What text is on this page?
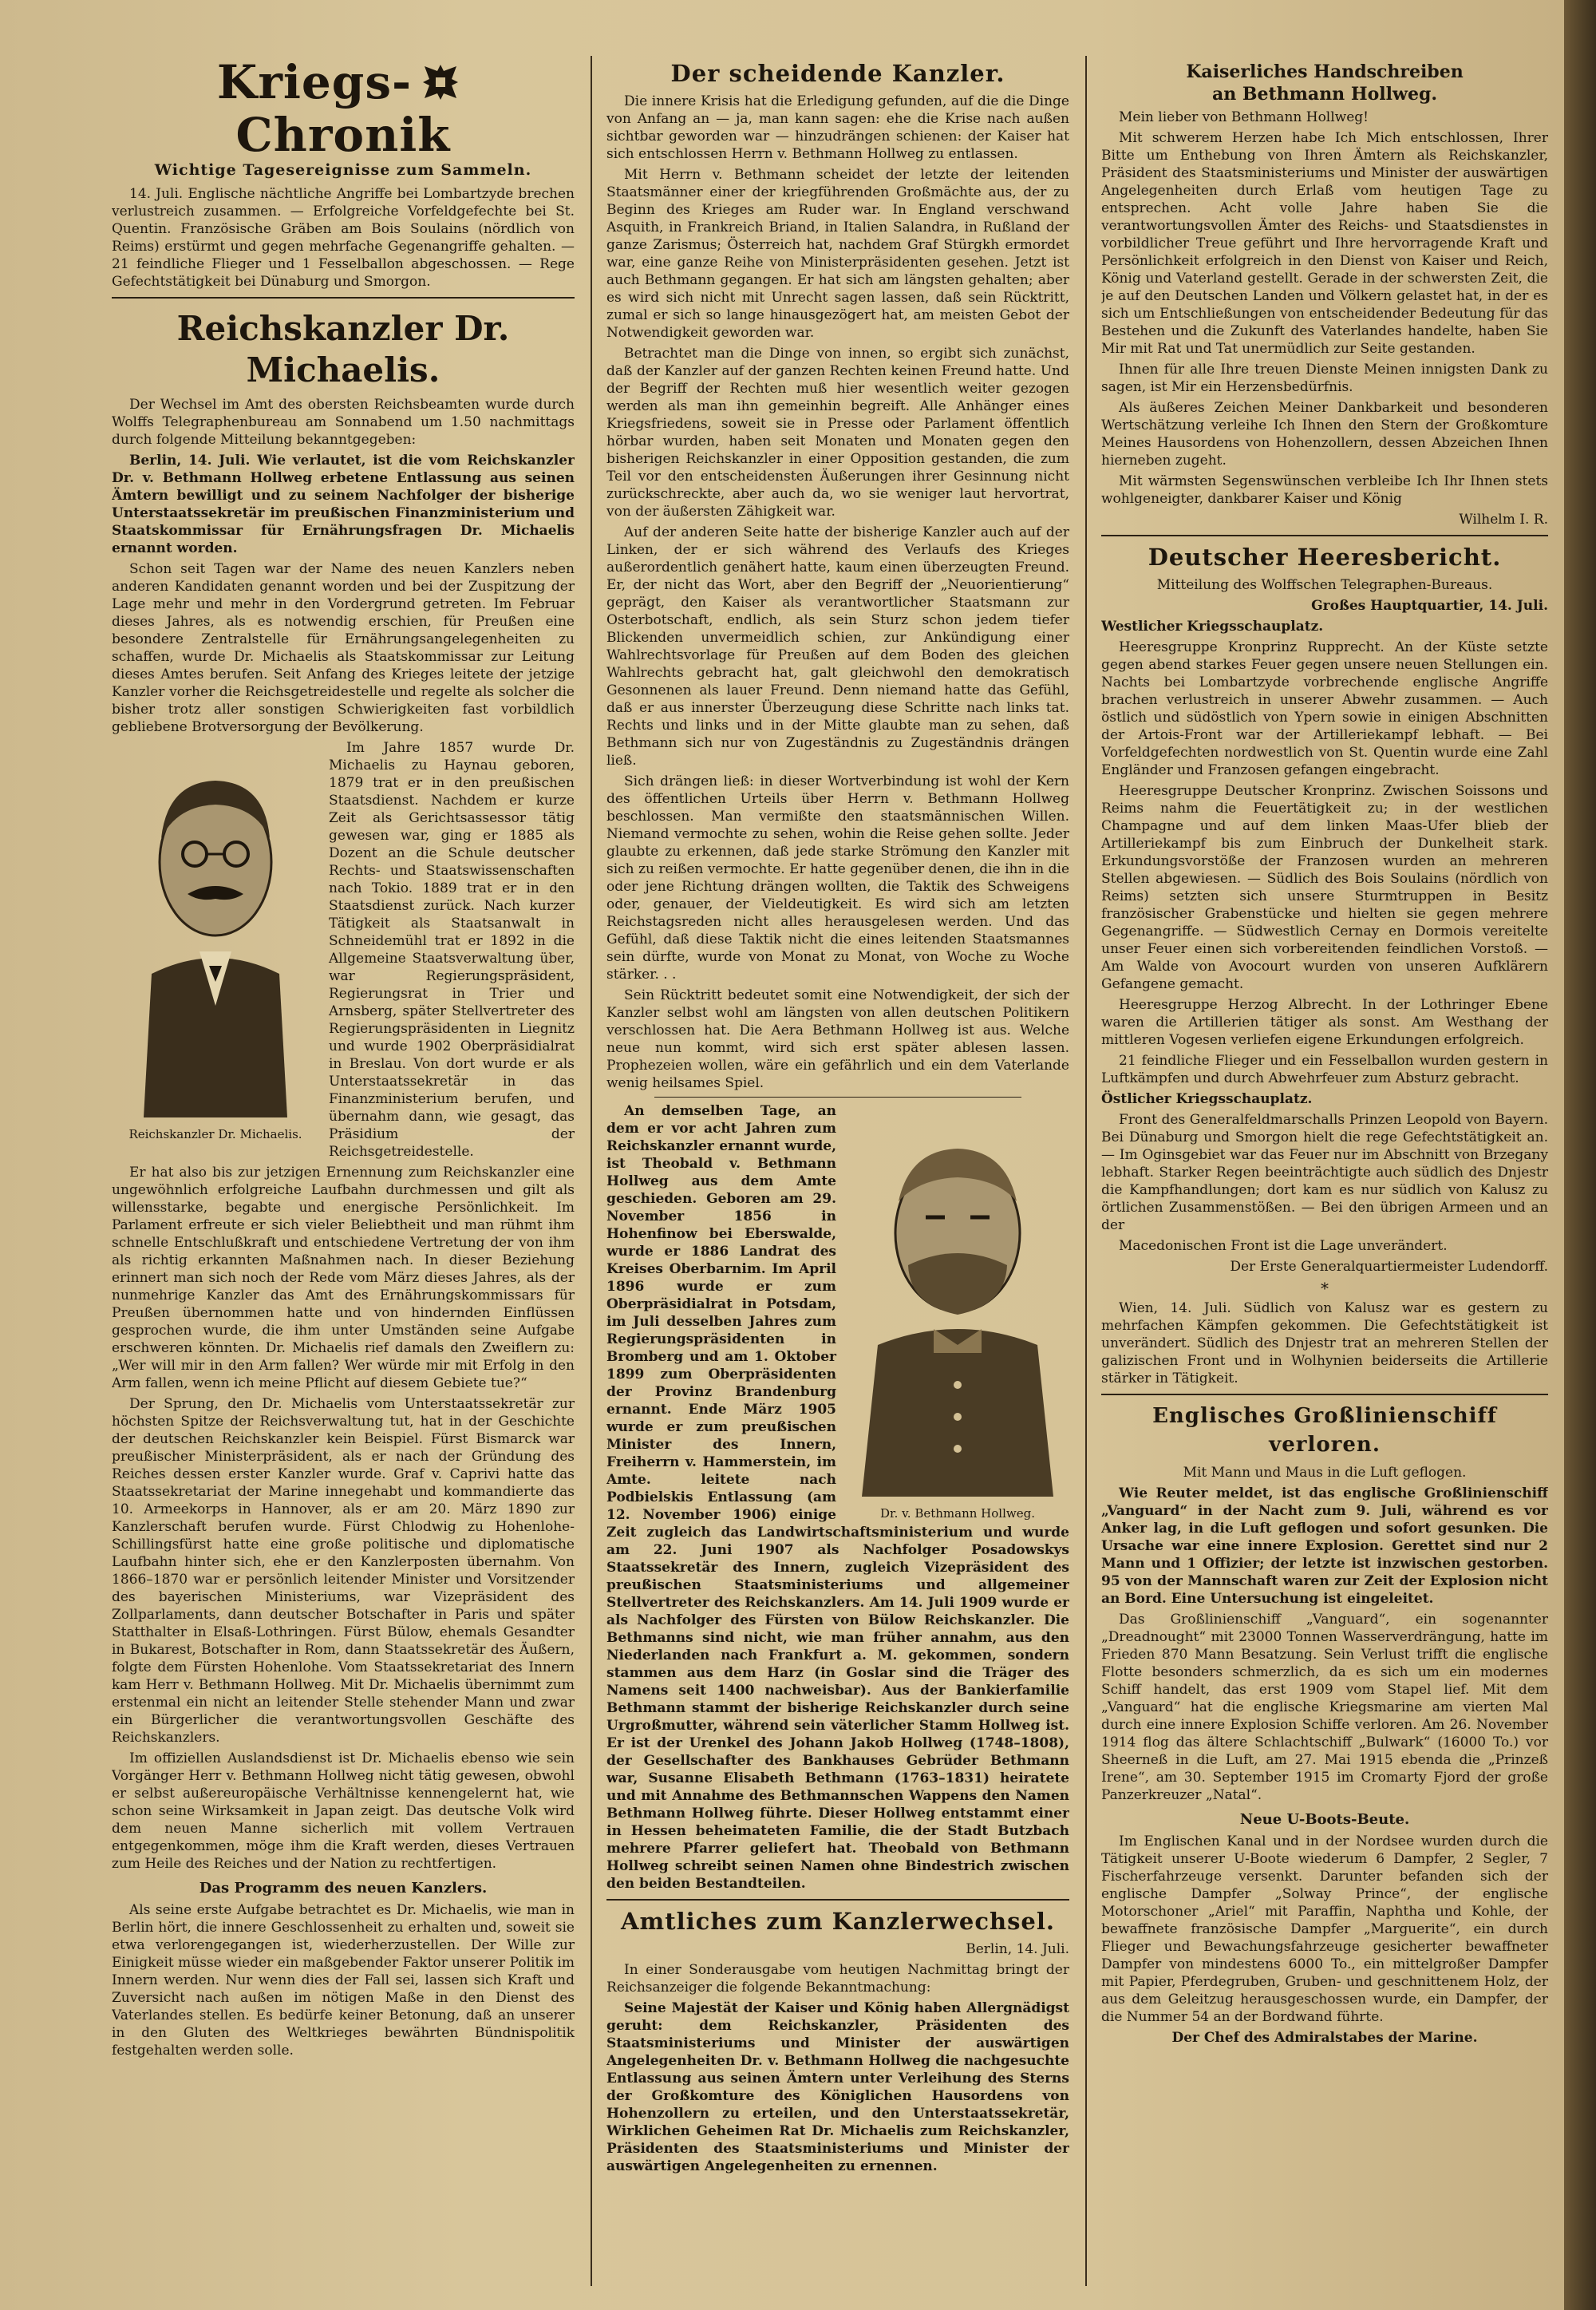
Kriegs-Chronik
Wichtige Tagesereignisse zum Sammeln.

14. Juli. Englische nächtliche Angriffe bei Lombartzyde brechen verlustreich zusammen. — Erfolgreiche Vorfeldgefechte bei St. Quentin. Französische Gräben am Bois Soulains (nördlich von Reims) erstürmt und gegen mehrfache Gegenangriffe gehalten. — 21 feindliche Flieger und 1 Fesselballon abgeschossen. — Rege Gefechtstätigkeit bei Dünaburg und Smorgon.

Reichskanzler Dr. Michaelis.

Der Wechsel im Amt des obersten Reichsbeamten wurde durch Wolffs Telegraphenbureau am Sonnabend um 1.50 nachmittags durch folgende Mitteilung bekanntgegeben:

Berlin, 14. Juli. Wie verlautet, ist die vom Reichskanzler Dr. v. Bethmann Hollweg erbetene Entlassung aus seinen Ämtern bewilligt und zu seinem Nachfolger der bisherige Unterstaatssekretär im preußischen Finanzministerium und Staatskommissar für Ernährungsfragen Dr. Michaelis ernannt worden.

Schon seit Tagen war der Name des neuen Kanzlers neben anderen Kandidaten genannt worden und bei der Zuspitzung der Lage mehr und mehr in den Vordergrund getreten. Im Februar dieses Jahres, als es notwendig erschien, für Preußen eine besondere Zentralstelle für Ernährungsangelegenheiten zu schaffen, wurde Dr. Michaelis als Staatskommissar zur Leitung dieses Amtes berufen. Seit Anfang des Krieges leitete der jetzige Kanzler vorher die Reichsgetreidestelle und regelte als solcher die bisher trotz aller sonstigen Schwierigkeiten fast vorbildlich gebliebene Brotversorgung der Bevölkerung.

Reichskanzler Dr. Michaelis.

Im Jahre 1857 wurde Dr. Michaelis zu Haynau geboren, 1879 trat er in den preußischen Staatsdienst. Nachdem er kurze Zeit als Gerichtsassessor tätig gewesen war, ging er 1885 als Dozent an die Schule deutscher Rechts- und Staatswissenschaften nach Tokio. 1889 trat er in den Staatsdienst zurück. Nach kurzer Tätigkeit als Staatsanwalt in Schneidemühl trat er 1892 in die Allgemeine Staatsverwaltung über, war Regierungspräsident, Regierungsrat in Trier und Arnsberg, später Stellvertreter des Regierungspräsidenten in Liegnitz und wurde 1902 Oberpräsidialrat in Breslau. Von dort wurde er als Unterstaatssekretär in das Finanzministerium berufen, und übernahm dann, wie gesagt, das Präsidium der Reichsgetreidestelle.

Er hat also bis zur jetzigen Ernennung zum Reichskanzler eine ungewöhnlich erfolgreiche Laufbahn durchmessen und gilt als willensstarke, begabte und energische Persönlichkeit. Im Parlament erfreute er sich vieler Beliebtheit und man rühmt ihm schnelle Entschlußkraft und entschiedene Vertretung der von ihm als richtig erkannten Maßnahmen nach. In dieser Beziehung erinnert man sich noch der Rede vom März dieses Jahres, als der nunmehrige Kanzler das Amt des Ernährungskommissars für Preußen übernommen hatte und von hindernden Einflüssen gesprochen wurde, die ihm unter Umständen seine Aufgabe erschweren könnten. Dr. Michaelis rief damals den Zweiflern zu: „Wer will mir in den Arm fallen? Wer würde mir mit Erfolg in den Arm fallen, wenn ich meine Pflicht auf diesem Gebiete tue?“

Der Sprung, den Dr. Michaelis vom Unterstaatssekretär zur höchsten Spitze der Reichsverwaltung tut, hat in der Geschichte der deutschen Reichskanzler kein Beispiel. Fürst Bismarck war preußischer Ministerpräsident, als er nach der Gründung des Reiches dessen erster Kanzler wurde. Graf v. Caprivi hatte das Staatssekretariat der Marine innegehabt und kommandierte das 10. Armeekorps in Hannover, als er am 20. März 1890 zur Kanzlerschaft berufen wurde. Fürst Chlodwig zu Hohenlohe-Schillingsfürst hatte eine große politische und diplomatische Laufbahn hinter sich, ehe er den Kanzlerposten übernahm. Von 1866–1870 war er persönlich leitender Minister und Vorsitzender des bayerischen Ministeriums, war Vizepräsident des Zollparlaments, dann deutscher Botschafter in Paris und später Statthalter in Elsaß-Lothringen. Fürst Bülow, ehemals Gesandter in Bukarest, Botschafter in Rom, dann Staatssekretär des Äußern, folgte dem Fürsten Hohenlohe. Vom Staatssekretariat des Innern kam Herr v. Bethmann Hollweg. Mit Dr. Michaelis übernimmt zum erstenmal ein nicht an leitender Stelle stehender Mann und zwar ein Bürgerlicher die verantwortungsvollen Geschäfte des Reichskanzlers.

Im offiziellen Auslandsdienst ist Dr. Michaelis ebenso wie sein Vorgänger Herr v. Bethmann Hollweg nicht tätig gewesen, obwohl er selbst außereuropäische Verhältnisse kennengelernt hat, wie schon seine Wirksamkeit in Japan zeigt. Das deutsche Volk wird dem neuen Manne sicherlich mit vollem Vertrauen entgegenkommen, möge ihm die Kraft werden, dieses Vertrauen zum Heile des Reiches und der Nation zu rechtfertigen.

Das Programm des neuen Kanzlers.

Als seine erste Aufgabe betrachtet es Dr. Michaelis, wie man in Berlin hört, die innere Geschlossenheit zu erhalten und, soweit sie etwa verlorengegangen ist, wiederherzustellen. Der Wille zur Einigkeit müsse wieder ein maßgebender Faktor unserer Politik im Innern werden. Nur wenn dies der Fall sei, lassen sich Kraft und Zuversicht nach außen im nötigen Maße in den Dienst des Vaterlandes stellen. Es bedürfe keiner Betonung, daß an unserer in den Gluten des Weltkrieges bewährten Bündnispolitik festgehalten werden solle.

Der scheidende Kanzler.

Die innere Krisis hat die Erledigung gefunden, auf die die Dinge von Anfang an — ja, man kann sagen: ehe die Krise nach außen sichtbar geworden war — hinzudrängen schienen: der Kaiser hat sich entschlossen Herrn v. Bethmann Hollweg zu entlassen.

Mit Herrn v. Bethmann scheidet der letzte der leitenden Staatsmänner einer der kriegführenden Großmächte aus, der zu Beginn des Krieges am Ruder war. In England verschwand Asquith, in Frankreich Briand, in Italien Salandra, in Rußland der ganze Zarismus; Österreich hat, nachdem Graf Stürgkh ermordet war, eine ganze Reihe von Ministerpräsidenten gesehen. Jetzt ist auch Bethmann gegangen. Er hat sich am längsten gehalten; aber es wird sich nicht mit Unrecht sagen lassen, daß sein Rücktritt, zumal er sich so lange hinausgezögert hat, am meisten Gebot der Notwendigkeit geworden war.

Betrachtet man die Dinge von innen, so ergibt sich zunächst, daß der Kanzler auf der ganzen Rechten keinen Freund hatte. Und der Begriff der Rechten muß hier wesentlich weiter gezogen werden als man ihn gemeinhin begreift. Alle Anhänger eines Kriegsfriedens, soweit sie in Presse oder Parlament öffentlich hörbar wurden, haben seit Monaten und Monaten gegen den bisherigen Reichskanzler in einer Opposition gestanden, die zum Teil vor den entscheidensten Äußerungen ihrer Gesinnung nicht zurückschreckte, aber auch da, wo sie weniger laut hervortrat, von der äußersten Zähigkeit war.

Auf der anderen Seite hatte der bisherige Kanzler auch auf der Linken, der er sich während des Verlaufs des Krieges außerordentlich genähert hatte, kaum einen überzeugten Freund. Er, der nicht das Wort, aber den Begriff der „Neuorientierung“ geprägt, den Kaiser als verantwortlicher Staatsmann zur Osterbotschaft, endlich, als sein Sturz schon jedem tiefer Blickenden unvermeidlich schien, zur Ankündigung einer Wahlrechtsvorlage für Preußen auf dem Boden des gleichen Wahlrechts gebracht hat, galt gleichwohl den demokratisch Gesonnenen als lauer Freund. Denn niemand hatte das Gefühl, daß er aus innerster Überzeugung diese Schritte nach links tat. Rechts und links und in der Mitte glaubte man zu sehen, daß Bethmann sich nur von Zugeständnis zu Zugeständnis drängen ließ.

Sich drängen ließ: in dieser Wortverbindung ist wohl der Kern des öffentlichen Urteils über Herrn v. Bethmann Hollweg beschlossen. Man vermißte den staatsmännischen Willen. Niemand vermochte zu sehen, wohin die Reise gehen sollte. Jeder glaubte zu erkennen, daß jede starke Strömung den Kanzler mit sich zu reißen vermochte. Er hatte gegenüber denen, die ihn in die oder jene Richtung drängen wollten, die Taktik des Schweigens oder, genauer, der Vieldeutigkeit. Es wird sich am letzten Reichstagsreden nicht alles herausgelesen werden. Und das Gefühl, daß diese Taktik nicht die eines leitenden Staatsmannes sein dürfte, wurde von Monat zu Monat, von Woche zu Woche stärker. . .

Sein Rücktritt bedeutet somit eine Notwendigkeit, der sich der Kanzler selbst wohl am längsten von allen deutschen Politikern verschlossen hat. Die Aera Bethmann Hollweg ist aus. Welche neue nun kommt, wird sich erst später ablesen lassen. Prophezeien wollen, wäre ein gefährlich und ein dem Vaterlande wenig heilsames Spiel.

Dr. v. Bethmann Hollweg.

An demselben Tage, an dem er vor acht Jahren zum Reichskanzler ernannt wurde, ist Theobald v. Bethmann Hollweg aus dem Amte geschieden. Geboren am 29. November 1856 in Hohenfinow bei Eberswalde, wurde er 1886 Landrat des Kreises Oberbarnim. Im April 1896 wurde er zum Oberpräsidialrat in Potsdam, im Juli desselben Jahres zum Regierungspräsidenten in Bromberg und am 1. Oktober 1899 zum Oberpräsidenten der Provinz Brandenburg ernannt. Ende März 1905 wurde er zum preußischen Minister des Innern, Freiherrn v. Hammerstein, im Amte. leitete nach Podbielskis Entlassung (am 12. November 1906) einige Zeit zugleich das Landwirtschaftsministerium und wurde am 22. Juni 1907 als Nachfolger Posadowskys Staatssekretär des Innern, zugleich Vizepräsident des preußischen Staatsministeriums und allgemeiner Stellvertreter des Reichskanzlers. Am 14. Juli 1909 wurde er als Nachfolger des Fürsten von Bülow Reichskanzler. Die Bethmanns sind nicht, wie man früher annahm, aus den Niederlanden nach Frankfurt a. M. gekommen, sondern stammen aus dem Harz (in Goslar sind die Träger des Namens seit 1400 nachweisbar). Aus der Bankierfamilie Bethmann stammt der bisherige Reichskanzler durch seine Urgroßmutter, während sein väterlicher Stamm Hollweg ist. Er ist der Urenkel des Johann Jakob Hollweg (1748–1808), der Gesellschafter des Bankhauses Gebrüder Bethmann war, Susanne Elisabeth Bethmann (1763–1831) heiratete und mit Annahme des Bethmannschen Wappens den Namen Bethmann Hollweg führte. Dieser Hollweg entstammt einer in Hessen beheimateten Familie, die der Stadt Butzbach mehrere Pfarrer geliefert hat. Theobald von Bethmann Hollweg schreibt seinen Namen ohne Bindestrich zwischen den beiden Bestandteilen.

Amtliches zum Kanzlerwechsel.

Berlin, 14. Juli.

In einer Sonderausgabe vom heutigen Nachmittag bringt der Reichsanzeiger die folgende Bekanntmachung:

Seine Majestät der Kaiser und König haben Allergnädigst geruht: dem Reichskanzler, Präsidenten des Staatsministeriums und Minister der auswärtigen Angelegenheiten Dr. v. Bethmann Hollweg die nachgesuchte Entlassung aus seinen Ämtern unter Verleihung des Sterns der Großkomture des Königlichen Hausordens von Hohenzollern zu erteilen, und den Unterstaatssekretär, Wirklichen Geheimen Rat Dr. Michaelis zum Reichskanzler, Präsidenten des Staatsministeriums und Minister der auswärtigen Angelegenheiten zu ernennen.

Kaiserliches Handschreiben
an Bethmann Hollweg.

Mein lieber von Bethmann Hollweg!

Mit schwerem Herzen habe Ich Mich entschlossen, Ihrer Bitte um Enthebung von Ihren Ämtern als Reichskanzler, Präsident des Staatsministeriums und Minister der auswärtigen Angelegenheiten durch Erlaß vom heutigen Tage zu entsprechen. Acht volle Jahre haben Sie die verantwortungsvollen Ämter des Reichs- und Staatsdienstes in vorbildlicher Treue geführt und Ihre hervorragende Kraft und Persönlichkeit erfolgreich in den Dienst von Kaiser und Reich, König und Vaterland gestellt. Gerade in der schwersten Zeit, die je auf den Deutschen Landen und Völkern gelastet hat, in der es sich um Entschließungen von entscheidender Bedeutung für das Bestehen und die Zukunft des Vaterlandes handelte, haben Sie Mir mit Rat und Tat unermüdlich zur Seite gestanden.

Ihnen für alle Ihre treuen Dienste Meinen innigsten Dank zu sagen, ist Mir ein Herzensbedürfnis.

Als äußeres Zeichen Meiner Dankbarkeit und besonderen Wertschätzung verleihe Ich Ihnen den Stern der Großkomture Meines Hausordens von Hohenzollern, dessen Abzeichen Ihnen hierneben zugeht.

Mit wärmsten Segenswünschen verbleibe Ich Ihr Ihnen stets wohlgeneigter, dankbarer Kaiser und König

Wilhelm I. R.

Deutscher Heeresbericht.

Mitteilung des Wolffschen Telegraphen-Bureaus.

Großes Hauptquartier, 14. Juli.

Westlicher Kriegsschauplatz.

Heeresgruppe Kronprinz Rupprecht. An der Küste setzte gegen abend starkes Feuer gegen unsere neuen Stellungen ein. Nachts bei Lombartzyde vorbrechende englische Angriffe brachen verlustreich in unserer Abwehr zusammen. — Auch östlich und südöstlich von Ypern sowie in einigen Abschnitten der Artois-Front war der Artilleriekampf lebhaft. — Bei Vorfeldgefechten nordwestlich von St. Quentin wurde eine Zahl Engländer und Franzosen gefangen eingebracht.

Heeresgruppe Deutscher Kronprinz. Zwischen Soissons und Reims nahm die Feuertätigkeit zu; in der westlichen Champagne und auf dem linken Maas-Ufer blieb der Artilleriekampf bis zum Einbruch der Dunkelheit stark. Erkundungsvorstöße der Franzosen wurden an mehreren Stellen abgewiesen. — Südlich des Bois Soulains (nördlich von Reims) setzten sich unsere Sturmtruppen in Besitz französischer Grabenstücke und hielten sie gegen mehrere Gegenangriffe. — Südwestlich Cernay en Dormois vereitelte unser Feuer einen sich vorbereitenden feindlichen Vorstoß. — Am Walde von Avocourt wurden von unseren Aufklärern Gefangene gemacht.

Heeresgruppe Herzog Albrecht. In der Lothringer Ebene waren die Artillerien tätiger als sonst. Am Westhang der mittleren Vogesen verliefen eigene Erkundungen erfolgreich.

21 feindliche Flieger und ein Fesselballon wurden gestern in Luftkämpfen und durch Abwehrfeuer zum Absturz gebracht.

Östlicher Kriegsschauplatz.

Front des Generalfeldmarschalls Prinzen Leopold von Bayern. Bei Dünaburg und Smorgon hielt die rege Gefechtstätigkeit an. — Im Oginsgebiet war das Feuer nur im Abschnitt von Brzegany lebhaft. Starker Regen beeinträchtigte auch südlich des Dnjestr die Kampfhandlungen; dort kam es nur südlich von Kalusz zu örtlichen Zusammenstößen. — Bei den übrigen Armeen und an der

Macedonischen Front ist die Lage unverändert.

Der Erste Generalquartiermeister Ludendorff.

*

Wien, 14. Juli. Südlich von Kalusz war es gestern zu mehrfachen Kämpfen gekommen. Die Gefechtstätigkeit ist unverändert. Südlich des Dnjestr trat an mehreren Stellen der galizischen Front und in Wolhynien beiderseits die Artillerie stärker in Tätigkeit.

Englisches Großlinienschiff verloren.

Mit Mann und Maus in die Luft geflogen.

Wie Reuter meldet, ist das englische Großlinienschiff „Vanguard“ in der Nacht zum 9. Juli, während es vor Anker lag, in die Luft geflogen und sofort gesunken. Die Ursache war eine innere Explosion. Gerettet sind nur 2 Mann und 1 Offizier; der letzte ist inzwischen gestorben. 95 von der Mannschaft waren zur Zeit der Explosion nicht an Bord. Eine Untersuchung ist eingeleitet.

Das Großlinienschiff „Vanguard“, ein sogenannter „Dreadnought“ mit 23000 Tonnen Wasserverdrängung, hatte im Frieden 870 Mann Besatzung. Sein Verlust trifft die englische Flotte besonders schmerzlich, da es sich um ein modernes Schiff handelt, das erst 1909 vom Stapel lief. Mit dem „Vanguard“ hat die englische Kriegsmarine am vierten Mal durch eine innere Explosion Schiffe verloren. Am 26. November 1914 flog das ältere Schlachtschiff „Bulwark“ (16000 To.) vor Sheerneß in die Luft, am 27. Mai 1915 ebenda die „Prinzeß Irene“, am 30. September 1915 im Cromarty Fjord der große Panzerkreuzer „Natal“.

Neue U-Boots-Beute.

Im Englischen Kanal und in der Nordsee wurden durch die Tätigkeit unserer U-Boote wiederum 6 Dampfer, 2 Segler, 7 Fischerfahrzeuge versenkt. Darunter befanden sich der englische Dampfer „Solway Prince“, der englische Motorschoner „Ariel“ mit Paraffin, Naphtha und Kohle, der bewaffnete französische Dampfer „Marguerite“, ein durch Flieger und Bewachungsfahrzeuge gesicherter bewaffneter Dampfer von mindestens 6000 To., ein mittelgroßer Dampfer mit Papier, Pferdegruben, Gruben- und geschnittenem Holz, der aus dem Geleitzug herausgeschossen wurde, ein Dampfer, der die Nummer 54 an der Bordwand führte.

Der Chef des Admiralstabes der Marine.
